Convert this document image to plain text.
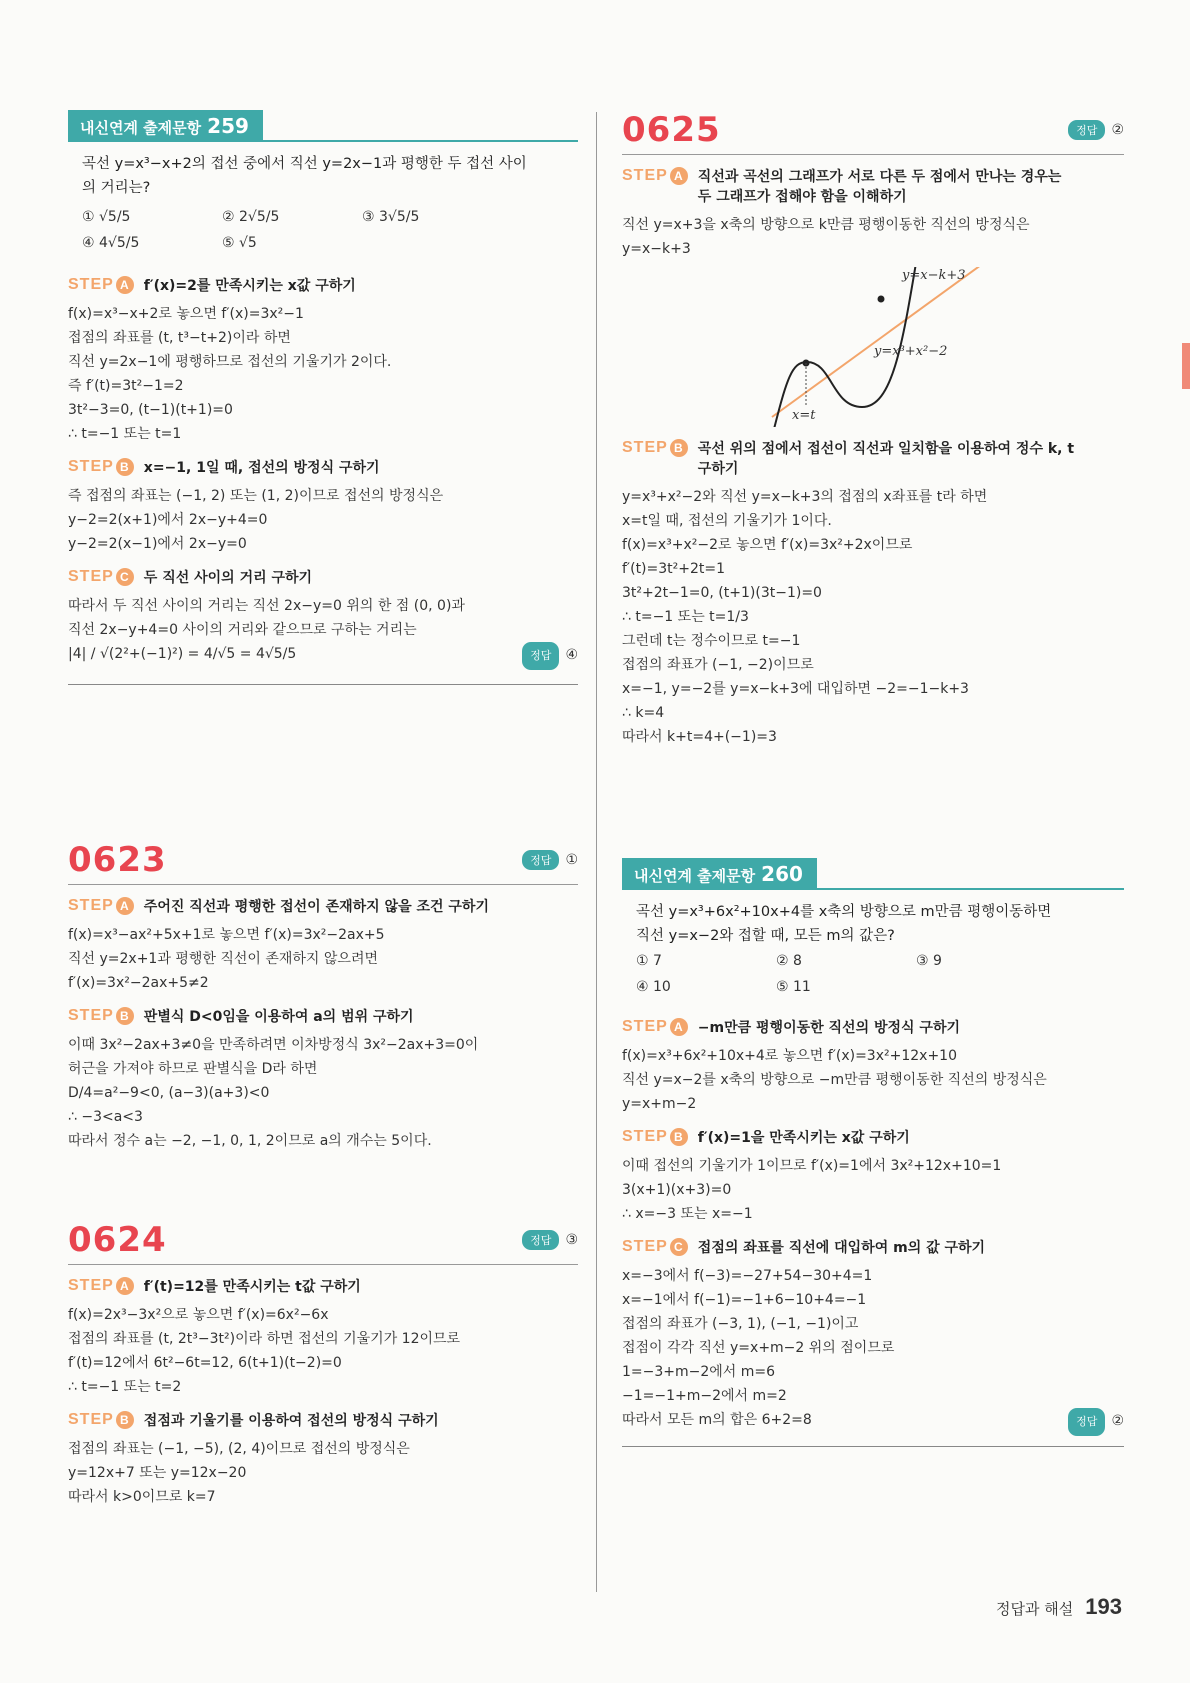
내신연계 출제문항 259
곡선 y=x³−x+2의 접선 중에서 직선 y=2x−1과 평행한 두 접선 사이
의 거리는?
① √5/5	② 2√5/5	③ 3√5/5
④ 4√5/5	⑤ √5
STEP A f′(x)=2를 만족시키는 x값 구하기
f(x)=x³−x+2로 놓으면 f′(x)=3x²−1
접점의 좌표를 (t, t³−t+2)이라 하면
직선 y=2x−1에 평행하므로 접선의 기울기가 2이다.
즉 f′(t)=3t²−1=2
3t²−3=0, (t−1)(t+1)=0
∴ t=−1 또는 t=1
STEP B x=−1, 1일 때, 접선의 방정식 구하기
즉 접점의 좌표는 (−1, 2) 또는 (1, 2)이므로 접선의 방정식은
y−2=2(x+1)에서 2x−y+4=0
y−2=2(x−1)에서 2x−y=0
STEP C 두 직선 사이의 거리 구하기
따라서 두 직선 사이의 거리는 직선 2x−y=0 위의 한 점 (0, 0)과
직선 2x−y+4=0 사이의 거리와 같으므로 구하는 거리는
|4| / √(2²+(−1)²) = 4/√5 = 4√5/5	정답 ④
0623	정답 ①
STEP A 주어진 직선과 평행한 접선이 존재하지 않을 조건 구하기
f(x)=x³−ax²+5x+1로 놓으면 f′(x)=3x²−2ax+5
직선 y=2x+1과 평행한 직선이 존재하지 않으려면
f′(x)=3x²−2ax+5≠2
STEP B 판별식 D<0임을 이용하여 a의 범위 구하기
이때 3x²−2ax+3≠0을 만족하려면 이차방정식 3x²−2ax+3=0이
허근을 가져야 하므로 판별식을 D라 하면
D/4=a²−9<0, (a−3)(a+3)<0
∴ −3<a<3
따라서 정수 a는 −2, −1, 0, 1, 2이므로 a의 개수는 5이다.
0624	정답 ③
STEP A f′(t)=12를 만족시키는 t값 구하기
f(x)=2x³−3x²으로 놓으면 f′(x)=6x²−6x
접점의 좌표를 (t, 2t³−3t²)이라 하면 접선의 기울기가 12이므로
f′(t)=12에서 6t²−6t=12, 6(t+1)(t−2)=0
∴ t=−1 또는 t=2
STEP B 접점과 기울기를 이용하여 접선의 방정식 구하기
접점의 좌표는 (−1, −5), (2, 4)이므로 접선의 방정식은
y=12x+7 또는 y=12x−20
따라서 k>0이므로 k=7
0625	정답 ②
STEP A 직선과 곡선의 그래프가 서로 다른 두 점에서 만나는 경우는
두 그래프가 접해야 함을 이해하기
직선 y=x+3을 x축의 방향으로 k만큼 평행이동한 직선의 방정식은
y=x−k+3
y=x−k+3
y=x³+x²−2
x=t
STEP B 곡선 위의 점에서 접선이 직선과 일치함을 이용하여 정수 k, t
구하기
y=x³+x²−2와 직선 y=x−k+3의 접점의 x좌표를 t라 하면
x=t일 때, 접선의 기울기가 1이다.
f(x)=x³+x²−2로 놓으면 f′(x)=3x²+2x이므로
f′(t)=3t²+2t=1
3t²+2t−1=0, (t+1)(3t−1)=0
∴ t=−1 또는 t=1/3
그런데 t는 정수이므로 t=−1
접점의 좌표가 (−1, −2)이므로
x=−1, y=−2를 y=x−k+3에 대입하면 −2=−1−k+3
∴ k=4
따라서 k+t=4+(−1)=3
내신연계 출제문항 260
곡선 y=x³+6x²+10x+4를 x축의 방향으로 m만큼 평행이동하면
직선 y=x−2와 접할 때, 모든 m의 값은?
① 7	② 8	③ 9
④ 10	⑤ 11
STEP A −m만큼 평행이동한 직선의 방정식 구하기
f(x)=x³+6x²+10x+4로 놓으면 f′(x)=3x²+12x+10
직선 y=x−2를 x축의 방향으로 −m만큼 평행이동한 직선의 방정식은
y=x+m−2
STEP B f′(x)=1을 만족시키는 x값 구하기
이때 접선의 기울기가 1이므로 f′(x)=1에서 3x²+12x+10=1
3(x+1)(x+3)=0
∴ x=−3 또는 x=−1
STEP C 접점의 좌표를 직선에 대입하여 m의 값 구하기
x=−3에서 f(−3)=−27+54−30+4=1
x=−1에서 f(−1)=−1+6−10+4=−1
접점의 좌표가 (−3, 1), (−1, −1)이고
접점이 각각 직선 y=x+m−2 위의 점이므로
1=−3+m−2에서 m=6
−1=−1+m−2에서 m=2
따라서 모든 m의 합은 6+2=8	정답 ②
정답과 해설 193
